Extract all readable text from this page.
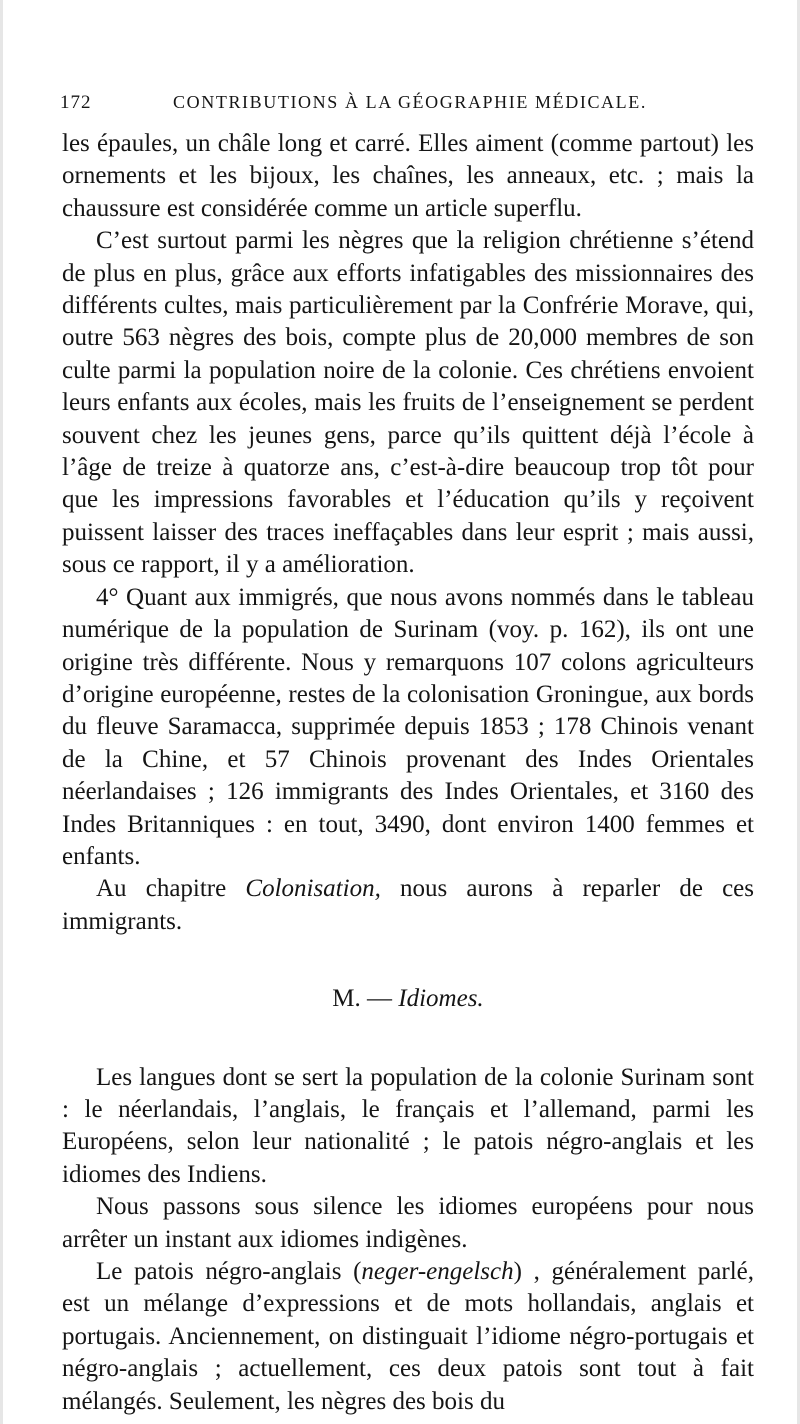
172	CONTRIBUTIONS À LA GÉOGRAPHIE MÉDICALE.

les épaules, un châle long et carré. Elles aiment (comme partout) les ornements et les bijoux, les chaînes, les anneaux, etc. ; mais la chaussure est considérée comme un article superflu.

C’est surtout parmi les nègres que la religion chrétienne s’étend de plus en plus, grâce aux efforts infatigables des missionnaires des différents cultes, mais particulièrement par la Confrérie Morave, qui, outre 563 nègres des bois, compte plus de 20,000 membres de son culte parmi la population noire de la colonie. Ces chrétiens envoient leurs enfants aux écoles, mais les fruits de l’enseignement se perdent souvent chez les jeunes gens, parce qu’ils quittent déjà l’école à l’âge de treize à quatorze ans, c’est-à-dire beaucoup trop tôt pour que les impressions favorables et l’éducation qu’ils y reçoivent puissent laisser des traces ineffaçables dans leur esprit ; mais aussi, sous ce rapport, il y a amélioration.

4° Quant aux immigrés, que nous avons nommés dans le tableau numérique de la population de Surinam (voy. p. 162), ils ont une origine très différente. Nous y remarquons 107 colons agriculteurs d’origine européenne, restes de la colonisation Groningue, aux bords du fleuve Saramacca, supprimée depuis 1853 ; 178 Chinois venant de la Chine, et 57 Chinois provenant des Indes Orientales néerlandaises ; 126 immigrants des Indes Orientales, et 3160 des Indes Britanniques : en tout, 3490, dont environ 1400 femmes et enfants.

Au chapitre Colonisation, nous aurons à reparler de ces immigrants.

M. — Idiomes.

Les langues dont se sert la population de la colonie Surinam sont : le néerlandais, l’anglais, le français et l’allemand, parmi les Européens, selon leur nationalité ; le patois négro-anglais et les idiomes des Indiens.

Nous passons sous silence les idiomes européens pour nous arrêter un instant aux idiomes indigènes.

Le patois négro-anglais (neger-engelsch) , généralement parlé, est un mélange d’expressions et de mots hollandais, anglais et portugais. Anciennement, on distinguait l’idiome négro-portugais et négro-anglais ; actuellement, ces deux patois sont tout à fait mélangés. Seulement, les nègres des bois du
